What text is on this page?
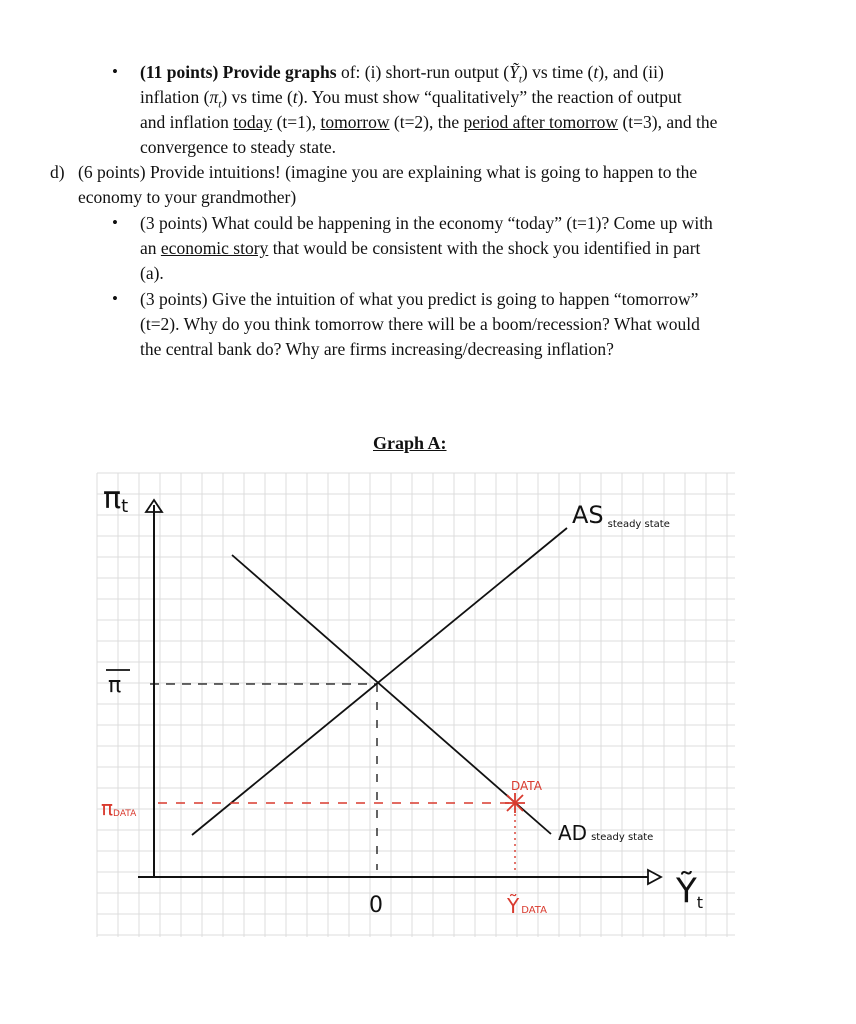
• (11 points) Provide graphs of: (i) short-run output (Ỹ$_t$) vs time (t), and (ii)
inflation $(\pi_t)$ vs time (t). You must show “qualitatively” the reaction of output
and inflation today (t=1), tomorrow (t=2), the period after tomorrow (t=3), and the
convergence to steady state.
d) (6 points) Provide intuitions! (imagine you are explaining what is going to happen to the
economy to your grandmother)
• (3 points) What could be happening in the economy “today” (t=1)? Come up with
an economic story that would be consistent with the shock you identified in part
(a).
• (3 points) Give the intuition of what you predict is going to happen “tomorrow”
(t=2). Why do you think tomorrow there will be a boom/recession? What would
the central bank do? Why are firms increasing/decreasing inflation?
Graph A:
πt
π
πDATA
AS steady state
AD steady state
DATA
0	ỸDATA	Ỹt
